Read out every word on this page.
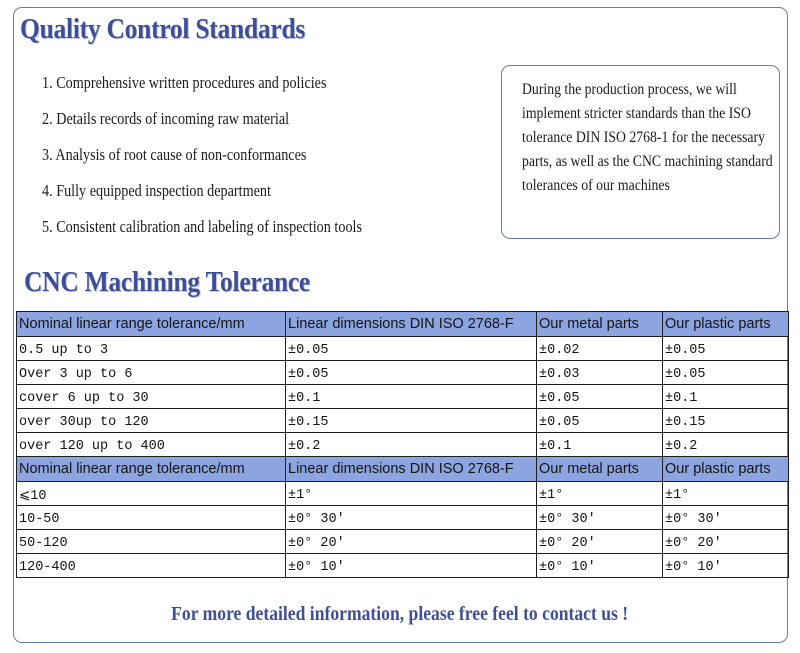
Quality Control Standards
1. Comprehensive written procedures and policies
2. Details records of incoming raw material
3. Analysis of root cause of non-conformances
4. Fully equipped inspection department
5. Consistent calibration and labeling of inspection tools
During the production process, we will implement stricter standards than the ISO tolerance DIN ISO 2768-1 for the necessary parts, as well as the CNC machining standard tolerances of our machines
CNC Machining Tolerance
Nominal linear range tolerance/mm	Linear dimensions DIN ISO 2768-F	Our metal parts	Our plastic parts
0.5 up to 3	±0.05	±0.02	±0.05
Over 3 up to 6	±0.05	±0.03	±0.05
cover 6 up to 30	±0.1	±0.05	±0.1
over 30up to 120	±0.15	±0.05	±0.15
over 120 up to 400	±0.2	±0.1	±0.2
Nominal linear range tolerance/mm	Linear dimensions DIN ISO 2768-F	Our metal parts	Our plastic parts
⩽10	±1°	±1°	±1°
10-50	±0° 30'	±0° 30'	±0° 30'
50-120	±0° 20'	±0° 20'	±0° 20'
120-400	±0° 10'	±0° 10'	±0° 10'
For more detailed information, please free feel to contact us !
